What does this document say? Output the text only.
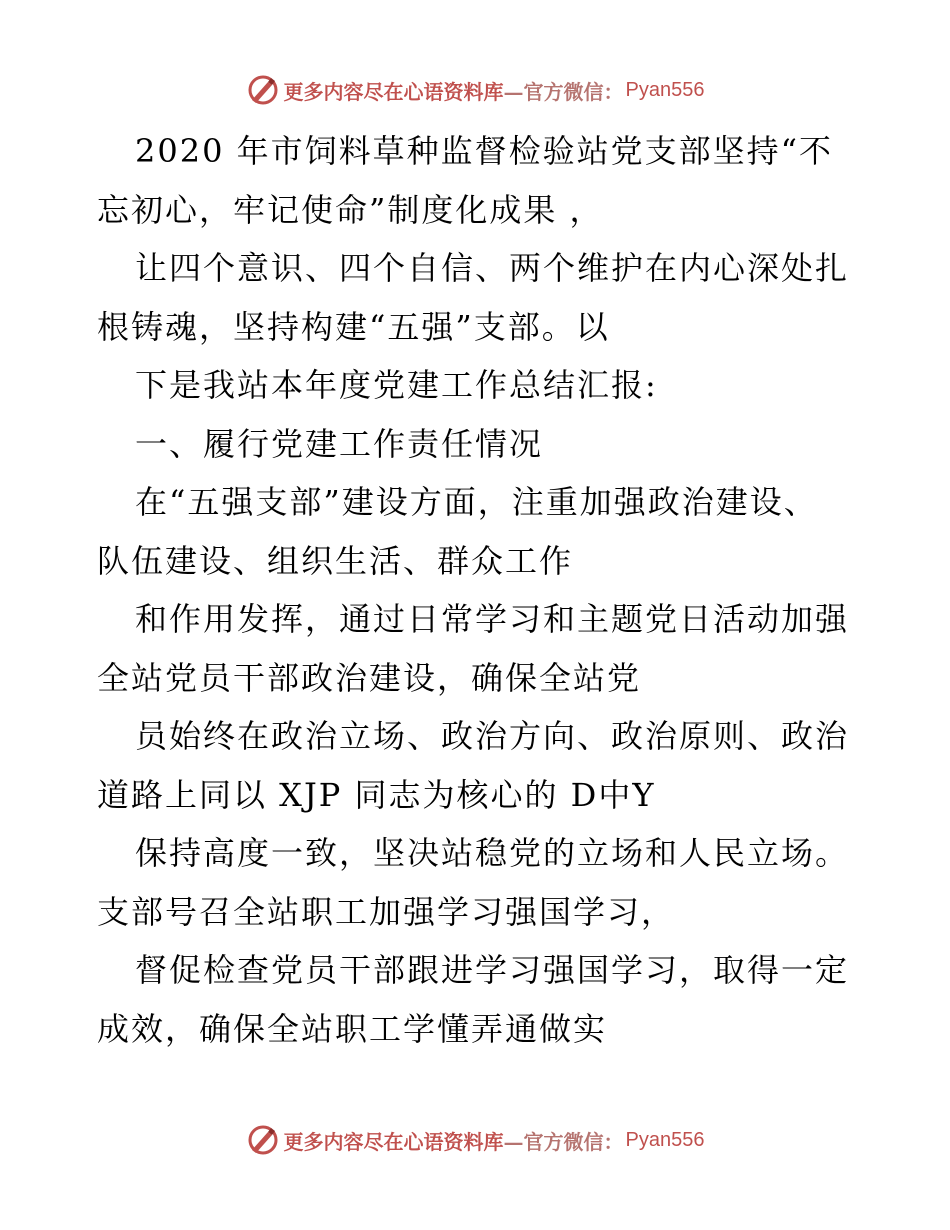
更多内容尽在心语资料库—官方微信： Pyan556
2020 年市饲料草种监督检验站党支部坚持“不
忘初心，牢记使命”制度化成果 ，
让四个意识、四个自信、两个维护在内心深处扎
根铸魂，坚持构建“五强”支部。以
下是我站本年度党建工作总结汇报:
一、履行党建工作责任情况
在“五强支部”建设方面，注重加强政治建设、
队伍建设、组织生活、群众工作
和作用发挥，通过日常学习和主题党日活动加强
全站党员干部政治建设，确保全站党
员始终在政治立场、政治方向、政治原则、政治
道路上同以 XJP 同志为核心的 D中Y
保持高度一致，坚决站稳党的立场和人民立场。
支部号召全站职工加强学习强国学习，
督促检查党员干部跟进学习强国学习，取得一定
成效，确保全站职工学懂弄通做实
更多内容尽在心语资料库—官方微信： Pyan556
